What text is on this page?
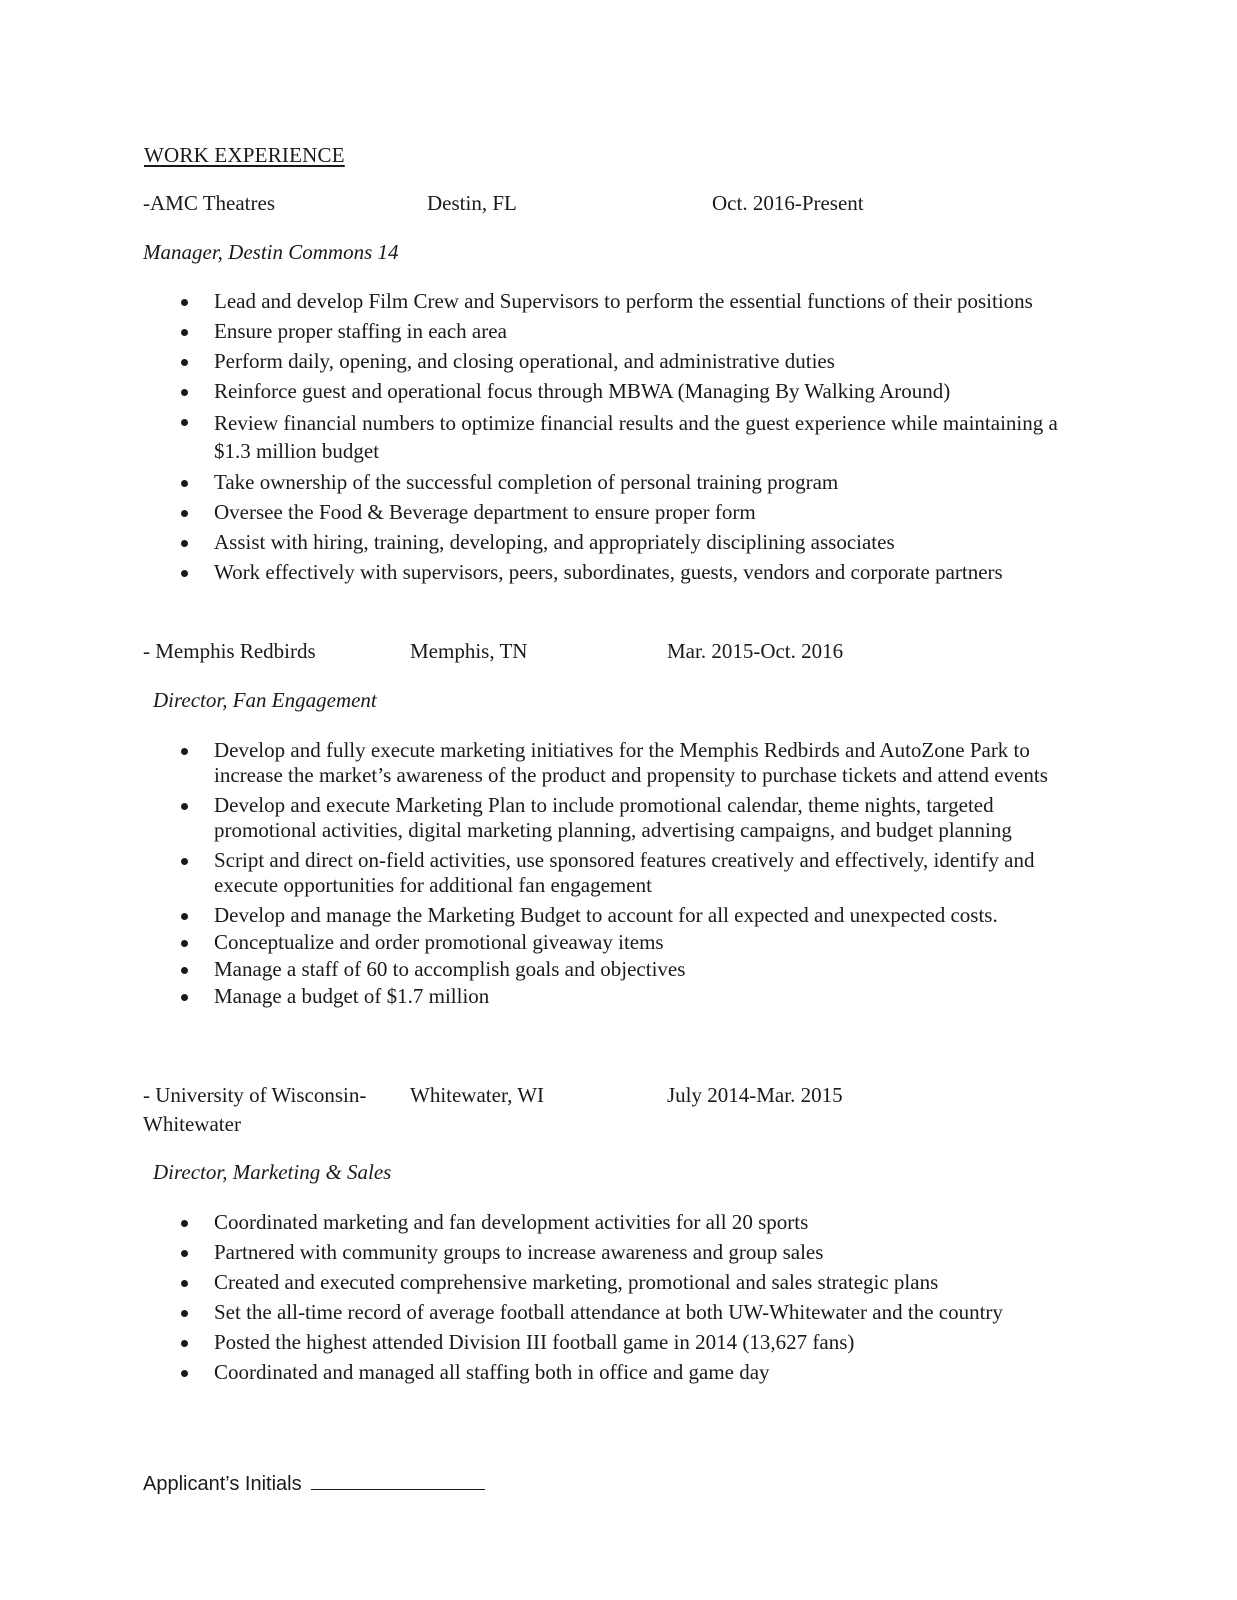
WORK EXPERIENCE
-AMC Theatres	Destin, FL	Oct. 2016-Present
Manager, Destin Commons 14
Lead and develop Film Crew and Supervisors to perform the essential functions of their positions
Ensure proper staffing in each area
Perform daily, opening, and closing operational, and administrative duties
Reinforce guest and operational focus through MBWA (Managing By Walking Around)
Review financial numbers to optimize financial results and the guest experience while maintaining a $1.3 million budget
Take ownership of the successful completion of personal training program
Oversee the Food & Beverage department to ensure proper form
Assist with hiring, training, developing, and appropriately disciplining associates
Work effectively with supervisors, peers, subordinates, guests, vendors and corporate partners
- Memphis Redbirds	Memphis, TN	Mar. 2015-Oct. 2016
Director, Fan Engagement
Develop and fully execute marketing initiatives for the Memphis Redbirds and AutoZone Park to increase the market’s awareness of the product and propensity to purchase tickets and attend events
Develop and execute Marketing Plan to include promotional calendar, theme nights, targeted promotional activities, digital marketing planning, advertising campaigns, and budget planning
Script and direct on-field activities, use sponsored features creatively and effectively, identify and execute opportunities for additional fan engagement
Develop and manage the Marketing Budget to account for all expected and unexpected costs.
Conceptualize and order promotional giveaway items
Manage a staff of 60 to accomplish goals and objectives
Manage a budget of $1.7 million
- University of Wisconsin-
Whitewater
Whitewater, WI	July 2014-Mar. 2015
Director, Marketing & Sales
Coordinated marketing and fan development activities for all 20 sports
Partnered with community groups to increase awareness and group sales
Created and executed comprehensive marketing, promotional and sales strategic plans
Set the all-time record of average football attendance at both UW-Whitewater and the country
Posted the highest attended Division III football game in 2014 (13,627 fans)
Coordinated and managed all staffing both in office and game day
Applicant’s Initials
